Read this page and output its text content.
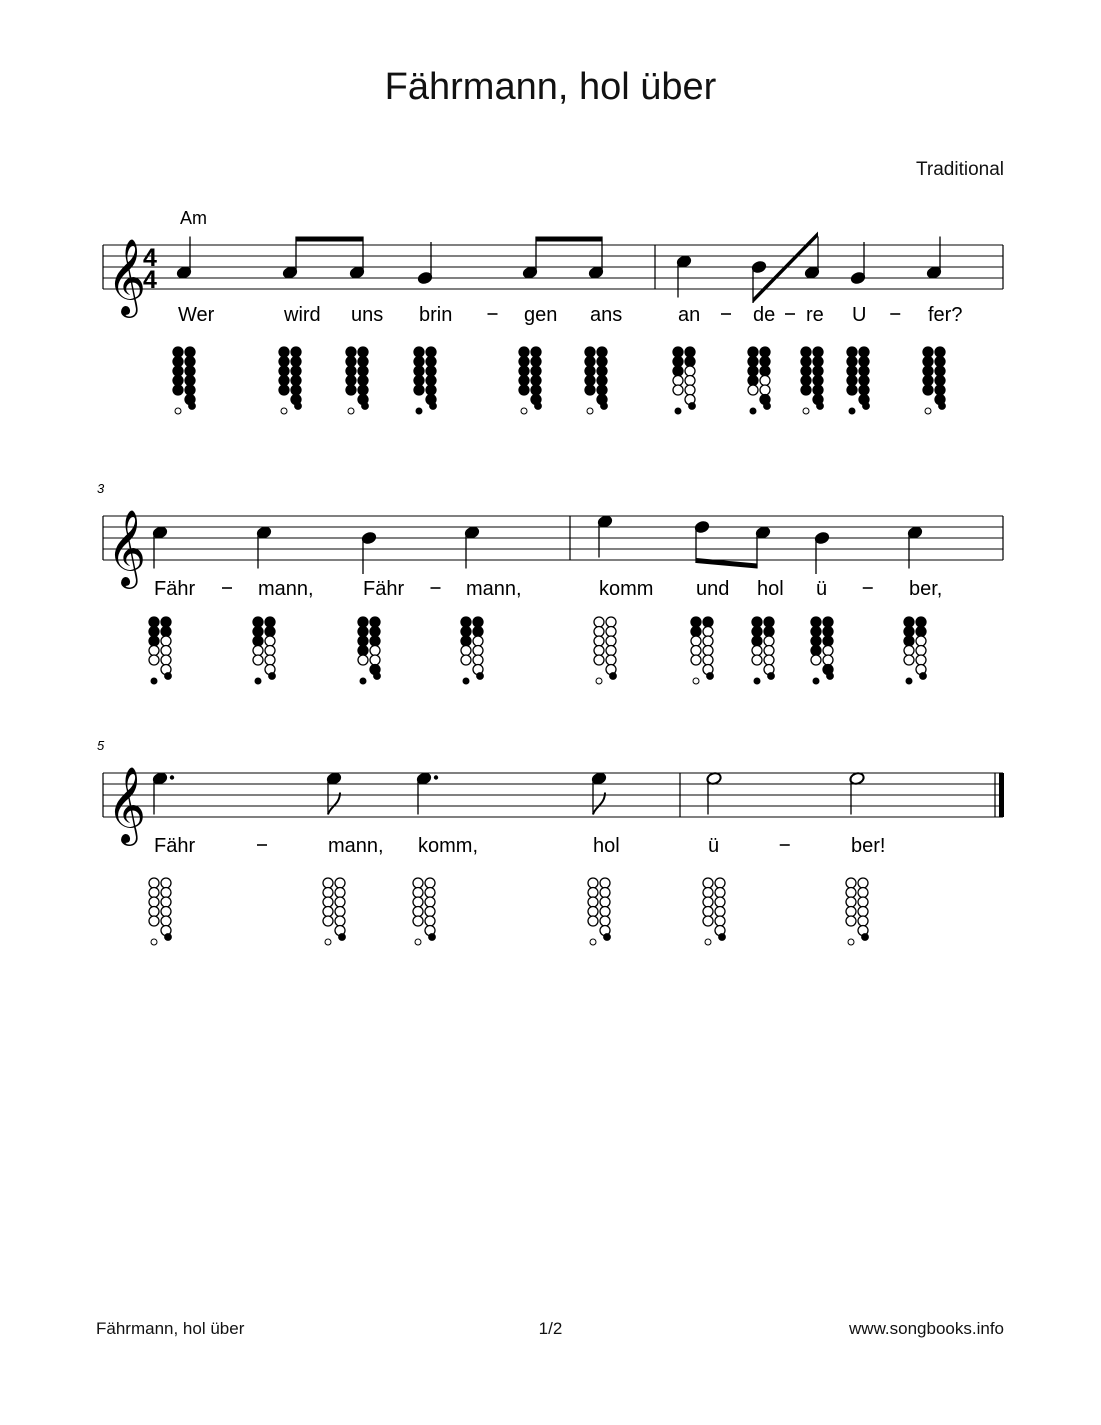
Fährmann, hol über
Traditional
𝄞
4
4
Am
Wer	wird uns brin	gen ans	an	de re U	fer?
𝄞
3
Fähr	mann, Fähr	mann,	komm und hol ü	ber,
𝄞
5
Fähr	mann, komm,	hol	ü	ber!
Fährmann, hol über	1/2	www.songbooks.info
